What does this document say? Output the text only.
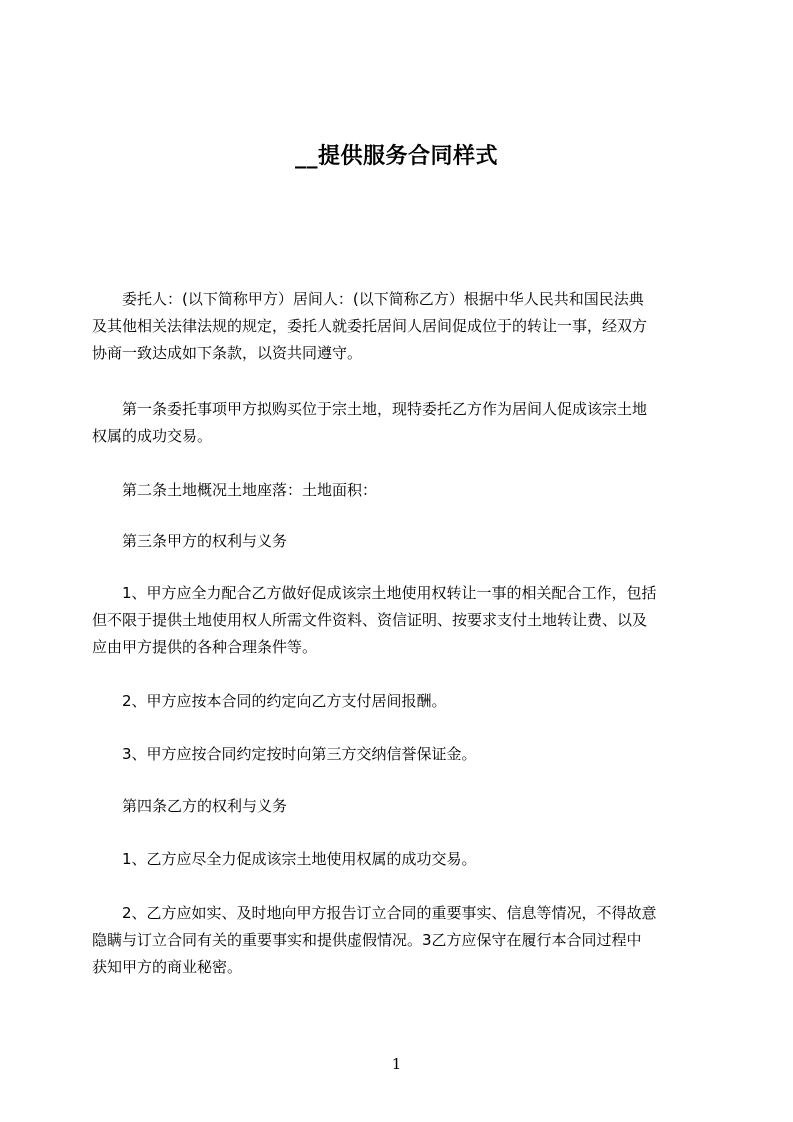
__提供服务合同样式
　　委托人：(以下简称甲方）居间人：(以下简称乙方）根据中华人民共和国民法典
及其他相关法律法规的规定，委托人就委托居间人居间促成位于的转让一事，经双方
协商一致达成如下条款，以资共同遵守。
　　第一条委托事项甲方拟购买位于宗土地，现特委托乙方作为居间人促成该宗土地
权属的成功交易。
　　第二条土地概况土地座落：土地面积：
　　第三条甲方的权利与义务
　　1、甲方应全力配合乙方做好促成该宗土地使用权转让一事的相关配合工作，包括
但不限于提供土地使用权人所需文件资料、资信证明、按要求支付土地转让费、以及
应由甲方提供的各种合理条件等。
　　2、甲方应按本合同的约定向乙方支付居间报酬。
　　3、甲方应按合同约定按时向第三方交纳信誉保证金。
　　第四条乙方的权利与义务
　　1、乙方应尽全力促成该宗土地使用权属的成功交易。
　　2、乙方应如实、及时地向甲方报告订立合同的重要事实、信息等情况，不得故意
隐瞒与订立合同有关的重要事实和提供虚假情况。3乙方应保守在履行本合同过程中
获知甲方的商业秘密。
1
